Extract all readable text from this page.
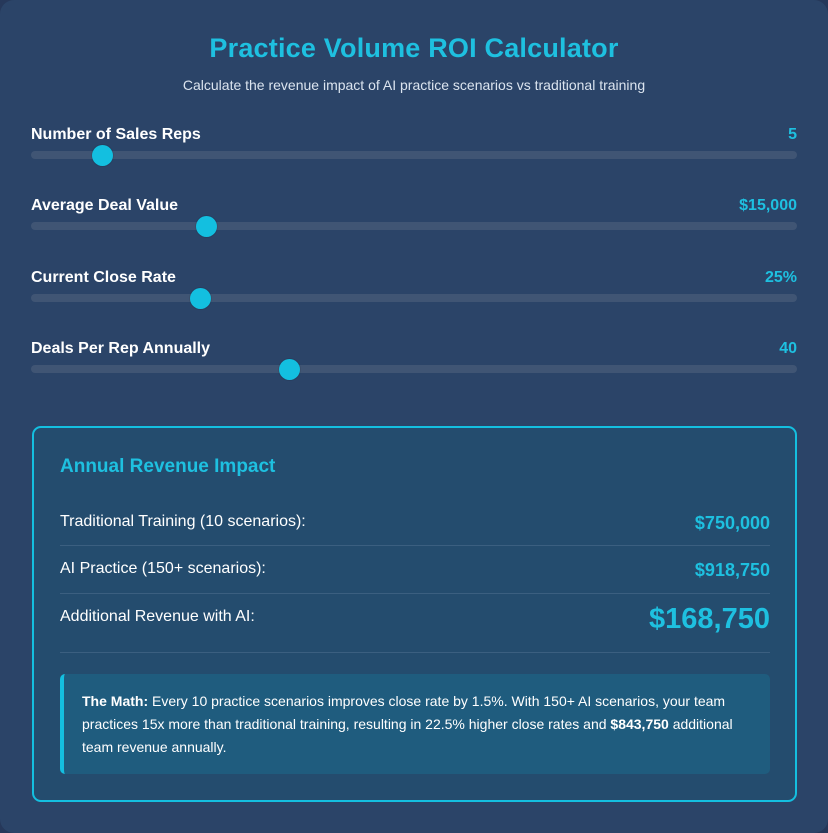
Practice Volume ROI Calculator

Calculate the revenue impact of AI practice scenarios vs traditional training

Number of Sales Reps	5
Average Deal Value	$15,000
Current Close Rate	25%
Deals Per Rep Annually	40
Annual Revenue Impact
Traditional Training (10 scenarios):	$750,000
AI Practice (150+ scenarios):	$918,750
Additional Revenue with AI:	$168,750
The Math: Every 10 practice scenarios improves close rate by 1.5%. With 150+ AI scenarios, your team practices 15x more than traditional training, resulting in 22.5% higher close rates and $843,750 additional team revenue annually.
